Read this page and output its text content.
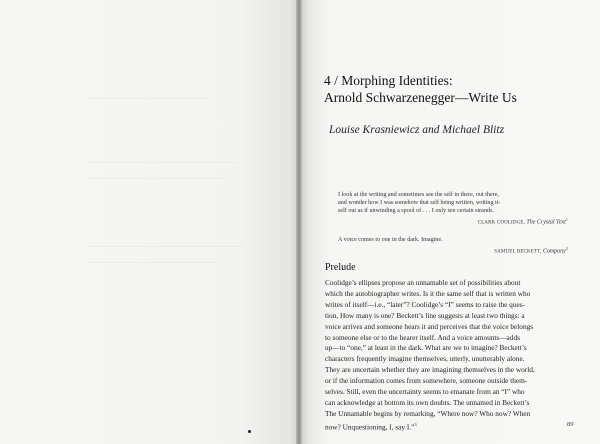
4 / Morphing Identities:
Arnold Schwarzenegger—Write Us
Louise Krasniewicz and Michael Blitz
I look at the writing and sometimes see the self in there, out there,
and wonder how I was somehow that self being written, writing it-
self out as if unwinding a spool of . . . I only see certain strands.
CLARK COOLIDGE, The Crystal Text$^1$
A voice comes to one in the dark. Imagine.
SAMUEL BECKETT, Company$^2$
Prelude
Coolidge’s ellipses propose an unnamable set of possibilities about
which the autobiographer writes. Is it the same self that is written who
writes of itself—i.e., “later”? Coolidge’s “I” seems to raise the ques-
tion, How many is one? Beckett’s line suggests at least two things: a
voice arrives and someone hears it and perceives that the voice belongs
to someone else or to the hearer itself. And a voice amounts—adds
up—to “one,” at least in the dark. What are we to imagine? Beckett’s
characters frequently imagine themselves, utterly, unutterably alone.
They are uncertain whether they are imagining themselves in the world,
or if the information comes from somewhere, someone outside them-
selves. Still, even the uncertainty seems to emanate from an “I” who
can acknowledge at bottom its own doubts. The unnamed in Beckett’s
The Unnamable begins by remarking, “Where now? Who now? When
now? Unquestioning, I, say I.”$^3$	89
